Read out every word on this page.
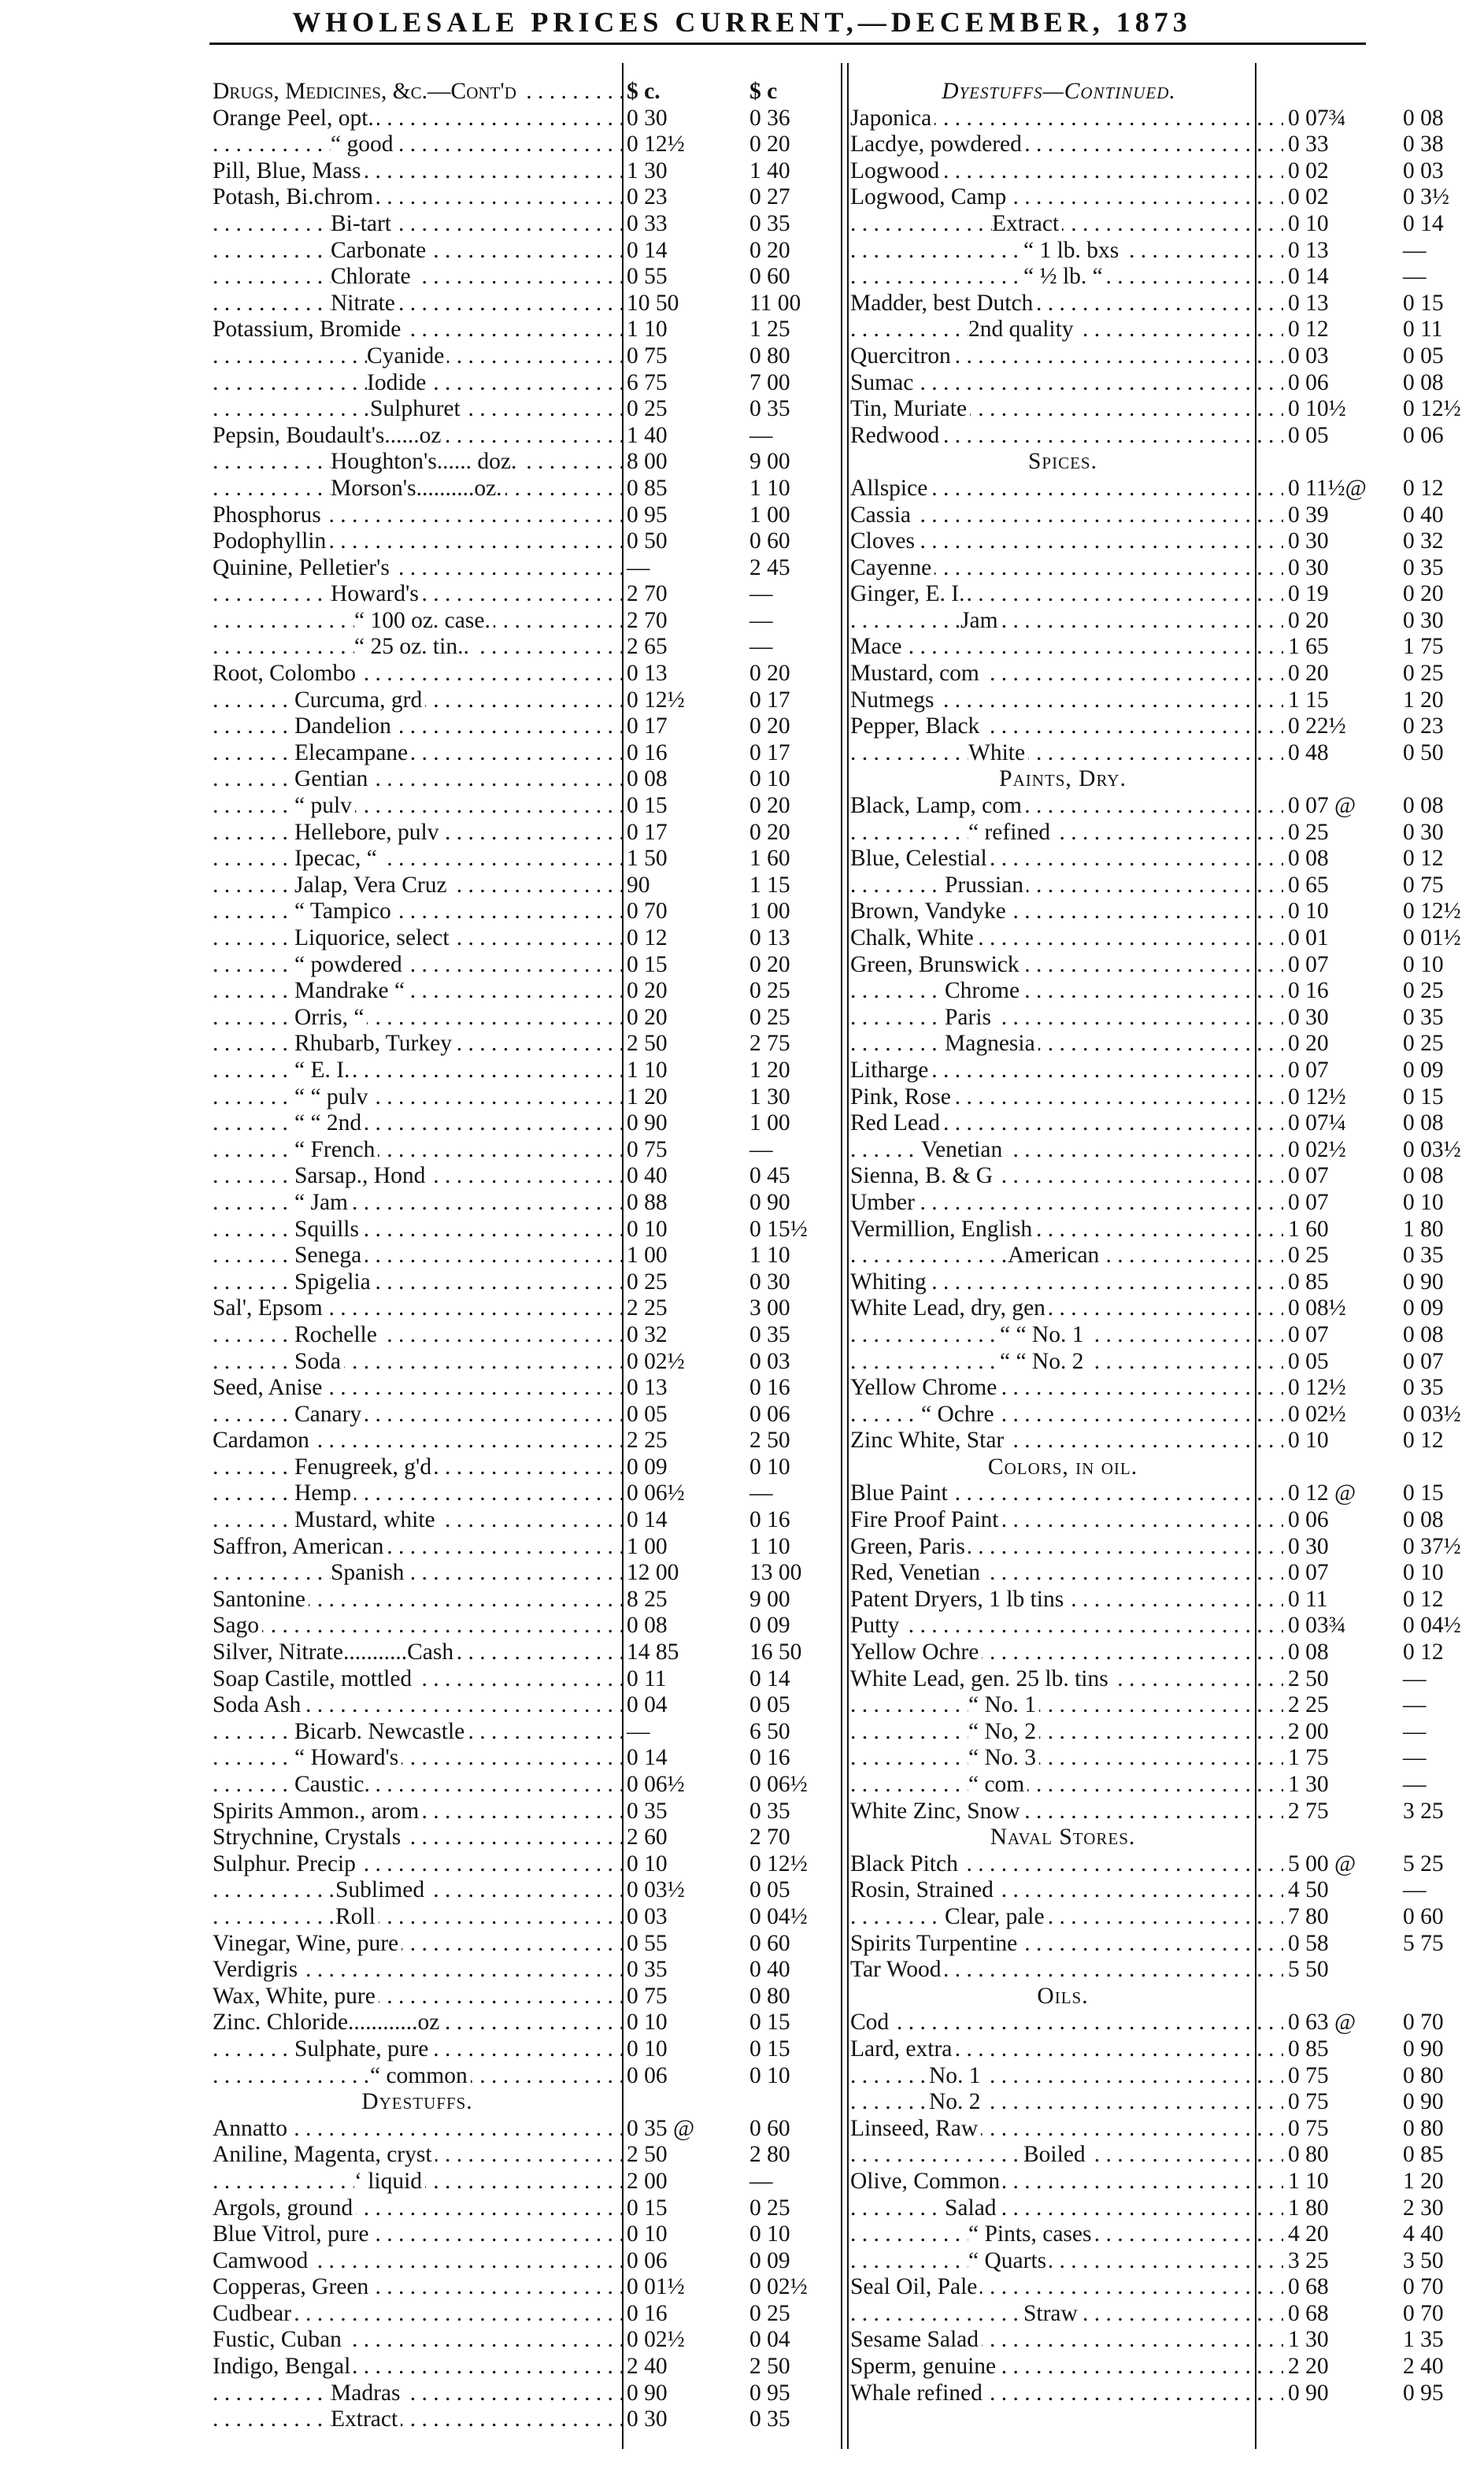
WHOLESALE PRICES CURRENT,—DECEMBER, 1873
Drugs, Medicines, &c.—Cont'd . . .	$ c.	$ c
Orange Peel, opt. . . .	0 30	0 36
“ good . . .	0 12½	0 20
Pill, Blue, Mass . . .	1 30	1 40
Potash, Bi.chrom . . .	0 23	0 27
Bi-tart . . .	0 33	0 35
Carbonate . . .	0 14	0 20
Chlorate . . .	0 55	0 60
Nitrate . . .	10 50	11 00
Potassium, Bromide . . .	1 10	1 25
Cyanide . . .	0 75	0 80
Iodide . . .	6 75	7 00
Sulphuret . . .	0 25	0 35
Pepsin, Boudault's......oz . . .	1 40	—
Houghton's...... doz. . . .	8 00	9 00
Morson's..........oz. . . .	0 85	1 10
Phosphorus . . .	0 95	1 00
Podophyllin . . .	0 50	0 60
Quinine, Pelletier's . . .	—	2 45
Howard's . . .	2 70	—
“ 100 oz. case. . . .	2 70	—
“ 25 oz. tin.. . . .	2 65	—
Root, Colombo . . .	0 13	0 20
Curcuma, grd . . .	0 12½	0 17
Dandelion . . .	0 17	0 20
Elecampane . . .	0 16	0 17
Gentian . . .	0 08	0 10
“ pulv . . .	0 15	0 20
Hellebore, pulv . . .	0 17	0 20
Ipecac, “ . . .	1 50	1 60
Jalap, Vera Cruz . . .	90	1 15
“ Tampico . . .	0 70	1 00
Liquorice, select . . .	0 12	0 13
“ powdered . . .	0 15	0 20
Mandrake “ . . .	0 20	0 25
Orris, “ . . .	0 20	0 25
Rhubarb, Turkey . . .	2 50	2 75
“ E. I. . . .	1 10	1 20
“ “ pulv . . .	1 20	1 30
“ “ 2nd . . .	0 90	1 00
“ French . . .	0 75	—
Sarsap., Hond . . .	0 40	0 45
“ Jam . . .	0 88	0 90
Squills . . .	0 10	0 15½
Senega . . .	1 00	1 10
Spigelia . . .	0 25	0 30
Sal', Epsom . . .	2 25	3 00
Rochelle . . .	0 32	0 35
Soda . . .	0 02½	0 03
Seed, Anise . . .	0 13	0 16
Canary . . .	0 05	0 06
Cardamon . . .	2 25	2 50
Fenugreek, g'd . . .	0 09	0 10
Hemp . . .	0 06½	—
Mustard, white . . .	0 14	0 16
Saffron, American . . .	1 00	1 10
Spanish . . .	12 00	13 00
Santonine . . .	8 25	9 00
Sago . . .	0 08	0 09
Silver, Nitrate...........Cash . . .	14 85	16 50
Soap Castile, mottled . . .	0 11	0 14
Soda Ash . . .	0 04	0 05
Bicarb. Newcastle . . .	—	6 50
“ Howard's . . .	0 14	0 16
Caustic. . . .	0 06½	0 06½
Spirits Ammon., arom . . .	0 35	0 35
Strychnine, Crystals . . .	2 60	2 70
Sulphur. Precip . . .	0 10	0 12½
Sublimed . . .	0 03½	0 05
Roll . . .	0 03	0 04½
Vinegar, Wine, pure . . .	0 55	0 60
Verdigris . . .	0 35	0 40
Wax, White, pure . . .	0 75	0 80
Zinc. Chloride............oz . . .	0 10	0 15
Sulphate, pure . . .	0 10	0 15
“ common . . .	0 06	0 10
Dyestuffs.
Annatto . . .	0 35 @	0 60
Aniline, Magenta, cryst . . .	2 50	2 80
‘ liquid . . .	2 00	—
Argols, ground . . .	0 15	0 25
Blue Vitrol, pure . . .	0 10	0 10
Camwood . . .	0 06	0 09
Copperas, Green . . .	0 01½	0 02½
Cudbear . . .	0 16	0 25
Fustic, Cuban . . .	0 02½	0 04
Indigo, Bengal . . .	2 40	2 50
Madras . . .	0 90	0 95
Extract . . .	0 30	0 35
Dyestuffs—Continued.
Japonica . . .	0 07¾	0 08
Lacdye, powdered . . .	0 33	0 38
Logwood . . .	0 02	0 03
Logwood, Camp . . .	0 02	0 3½
Extract . . .	0 10	0 14
“ 1 lb. bxs . . .	0 13	—
“ ½ lb. “ . . .	0 14	—
Madder, best Dutch . . .	0 13	0 15
2nd quality . . .	0 12	0 11
Quercitron . . .	0 03	0 05
Sumac . . .	0 06	0 08
Tin, Muriate . . .	0 10½	0 12½
Redwood . . .	0 05	0 06
Spices.
Allspice . . .	0 11½@	0 12
Cassia . . .	0 39	0 40
Cloves . . .	0 30	0 32
Cayenne . . .	0 30	0 35
Ginger, E. I. . . .	0 19	0 20
Jam . . .	0 20	0 30
Mace . . .	1 65	1 75
Mustard, com . . .	0 20	0 25
Nutmegs . . .	1 15	1 20
Pepper, Black . . .	0 22½	0 23
White . . .	0 48	0 50
Paints, Dry.
Black, Lamp, com . . .	0 07 @	0 08
“ refined . . .	0 25	0 30
Blue, Celestial . . .	0 08	0 12
Prussian . . .	0 65	0 75
Brown, Vandyke . . .	0 10	0 12½
Chalk, White . . .	0 01	0 01½
Green, Brunswick . . .	0 07	0 10
Chrome . . .	0 16	0 25
Paris . . .	0 30	0 35
Magnesia . . .	0 20	0 25
Litharge . . .	0 07	0 09
Pink, Rose . . .	0 12½	0 15
Red Lead . . .	0 07¼	0 08
Venetian . . .	0 02½	0 03½
Sienna, B. & G . . .	0 07	0 08
Umber . . .	0 07	0 10
Vermillion, English . . .	1 60	1 80
American . . .	0 25	0 35
Whiting . . .	0 85	0 90
White Lead, dry, gen . . .	0 08½	0 09
“ “ No. 1 . . .	0 07	0 08
“ “ No. 2 . . .	0 05	0 07
Yellow Chrome . . .	0 12½	0 35
“ Ochre . . .	0 02½	0 03½
Zinc White, Star . . .	0 10	0 12
Colors, in oil.
Blue Paint . . .	0 12 @	0 15
Fire Proof Paint . . .	0 06	0 08
Green, Paris . . .	0 30	0 37½
Red, Venetian . . .	0 07	0 10
Patent Dryers, 1 lb tins . . .	0 11	0 12
Putty . . .	0 03¾	0 04½
Yellow Ochre . . .	0 08	0 12
White Lead, gen. 25 lb. tins . . .	2 50	—
“ No. 1 . . .	2 25	—
“ No, 2 . . .	2 00	—
“ No. 3 . . .	1 75	—
“ com . . .	1 30	—
White Zinc, Snow . . .	2 75	3 25
Naval Stores.
Black Pitch . . .	5 00 @	5 25
Rosin, Strained . . .	4 50	—
Clear, pale . . .	7 80	0 60
Spirits Turpentine . . .	0 58	5 75
Tar Wood . . .	5 50
Oils.
Cod . . .	0 63 @	0 70
Lard, extra . . .	0 85	0 90
No. 1 . . .	0 75	0 80
No. 2 . . .	0 75	0 90
Linseed, Raw . . .	0 75	0 80
Boiled . . .	0 80	0 85
Olive, Common . . .	1 10	1 20
Salad . . .	1 80	2 30
“ Pints, cases . . .	4 20	4 40
“ Quarts . . .	3 25	3 50
Seal Oil, Pale . . .	0 68	0 70
Straw . . .	0 68	0 70
Sesame Salad . . .	1 30	1 35
Sperm, genuine . . .	2 20	2 40
Whale refined . . .	0 90	0 95
